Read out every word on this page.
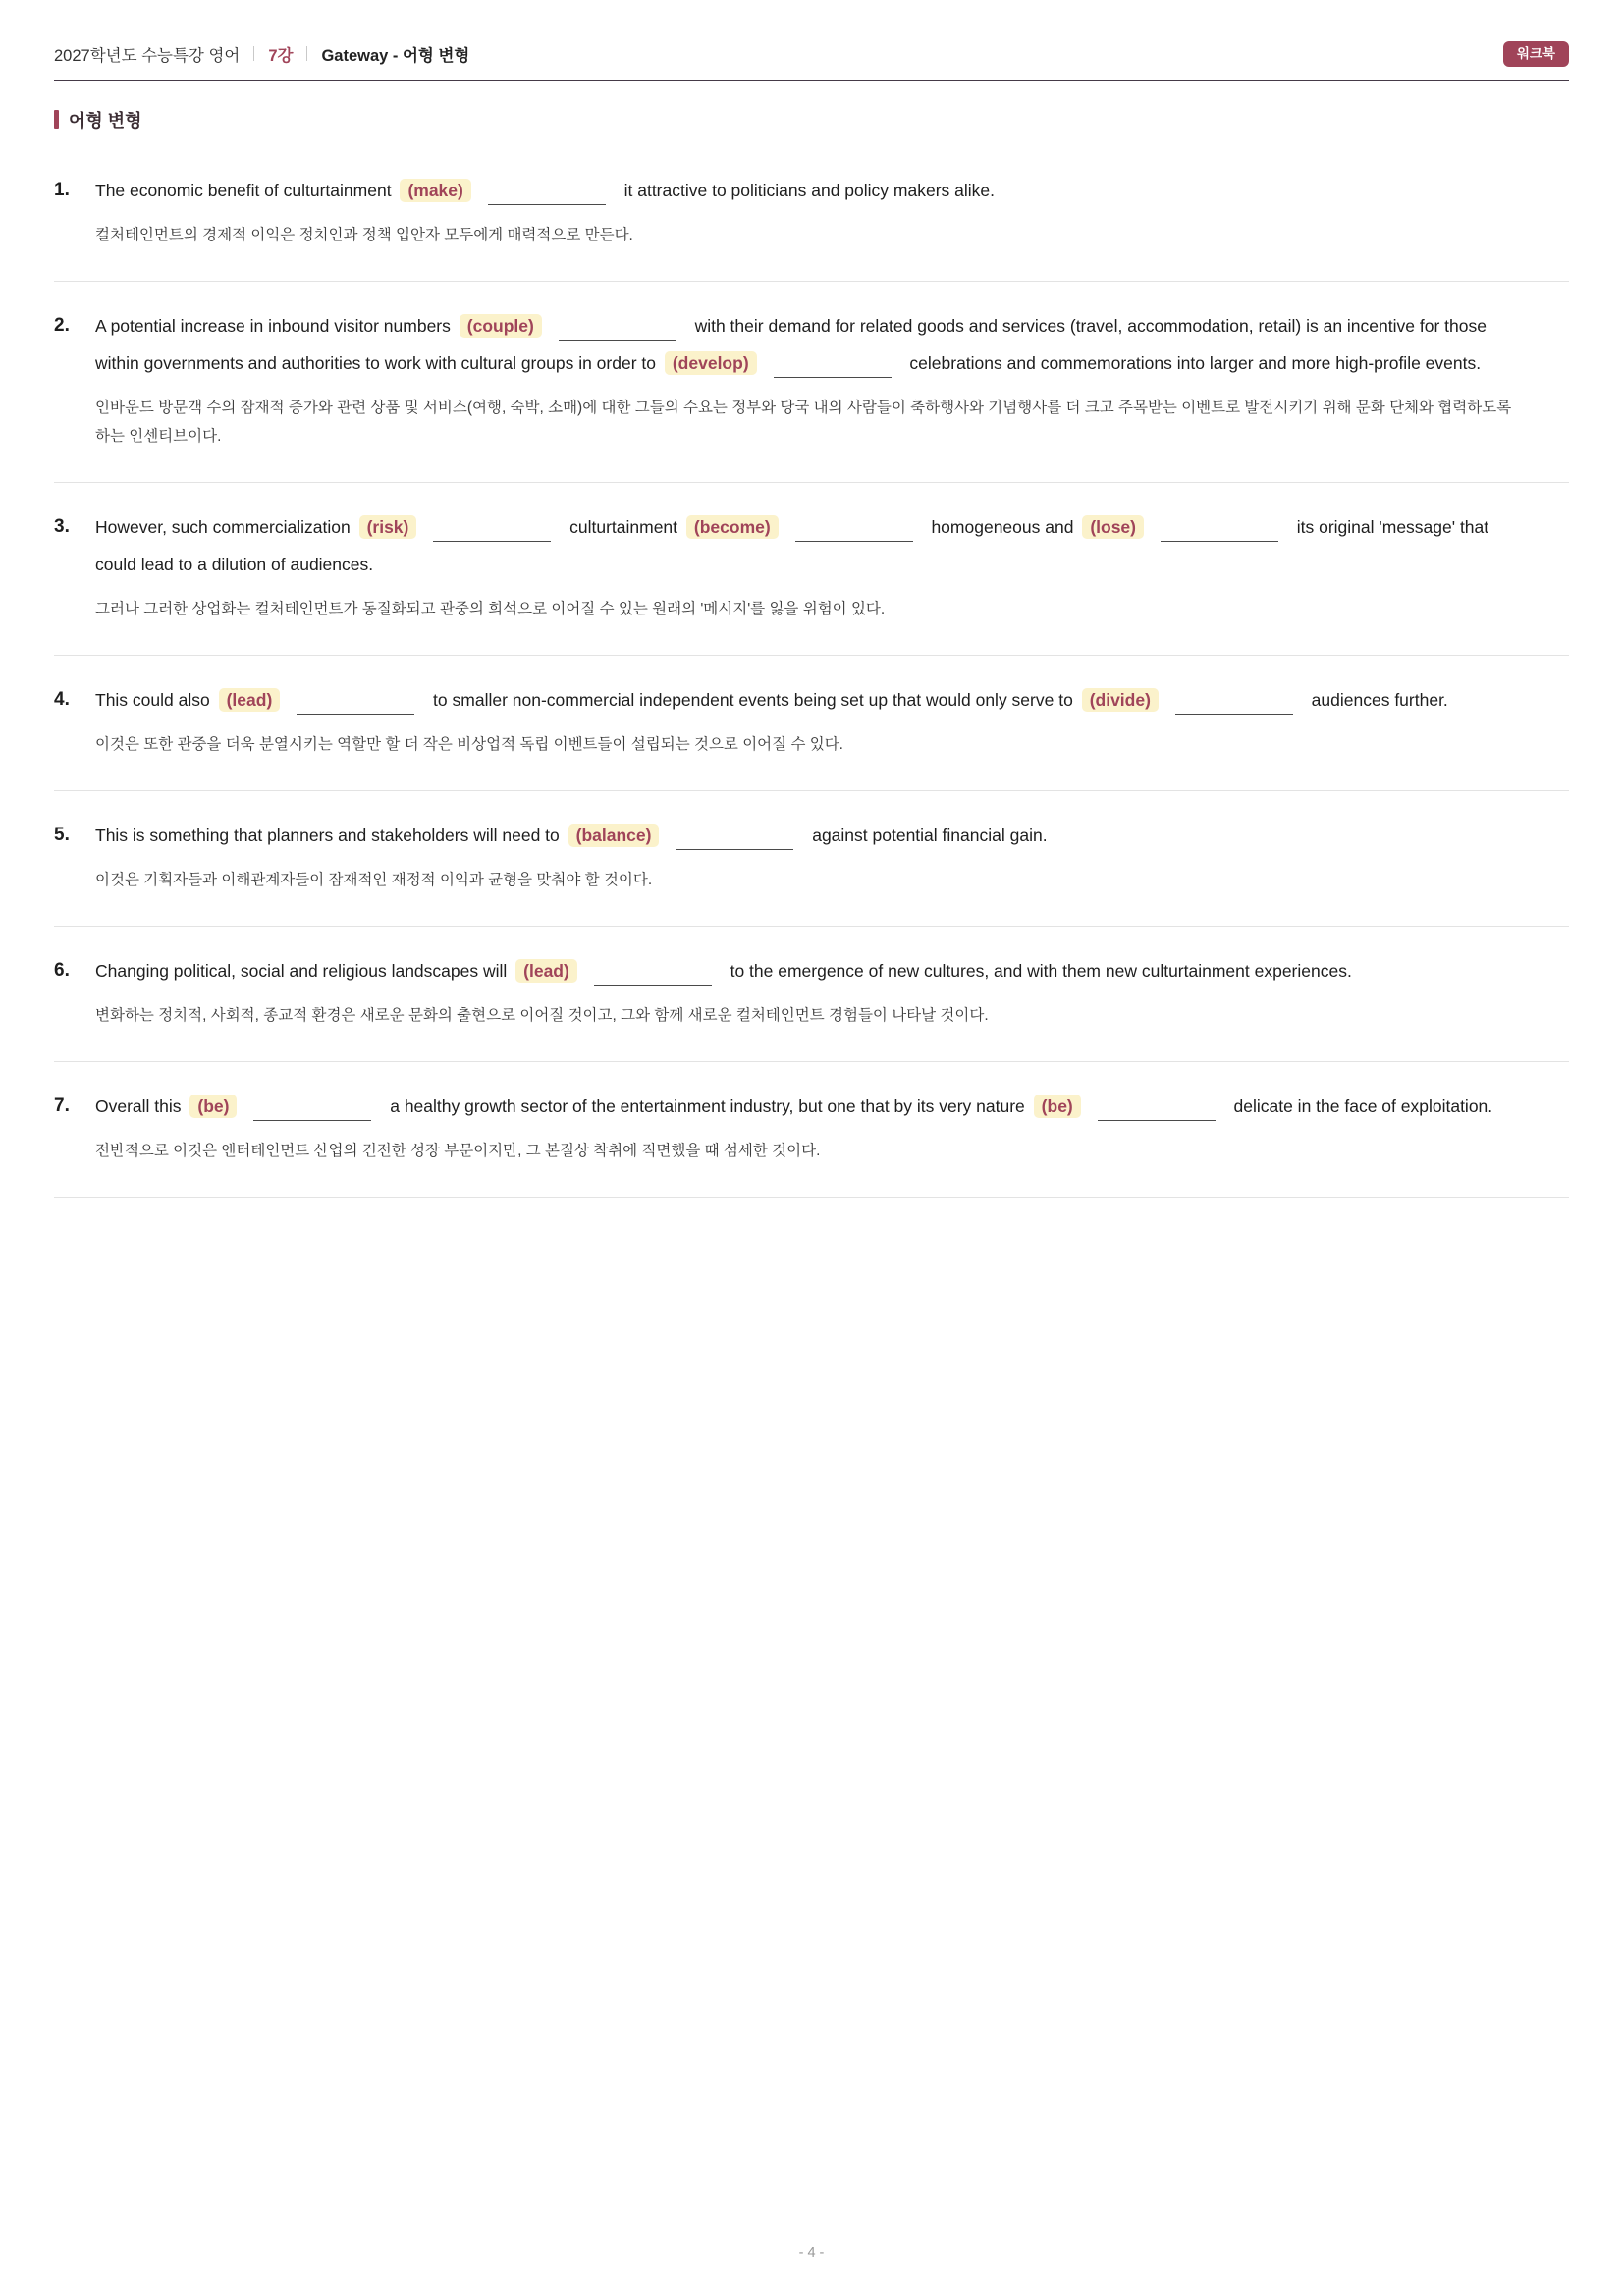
2027학년도 수능특강 영어 7강 Gateway - 어형 변형	워크북
어형 변형
1.	The economic benefit of culturtainment (make)	it attractive to politicians and policy makers alike.

컬처테인먼트의 경제적 이익은 정치인과 정책 입안자 모두에게 매력적으로 만든다.

2.	A potential increase in inbound visitor numbers (couple)	with their demand for related goods and services (travel, accommodation, retail) is an incentive for those within governments and authorities to work with cultural groups in order to (develop)	celebrations and commemorations into larger and more high-profile events.

인바운드 방문객 수의 잠재적 증가와 관련 상품 및 서비스(여행, 숙박, 소매)에 대한 그들의 수요는 정부와 당국 내의 사람들이 축하행사와 기념행사를 더 크고 주목받는 이벤트로 발전시키기 위해 문화 단체와 협력하도록 하는 인센티브이다.

3.	However, such commercialization (risk)	culturtainment (become)	homogeneous and (lose)	its original 'message' that could lead to a dilution of audiences.

그러나 그러한 상업화는 컬처테인먼트가 동질화되고 관중의 희석으로 이어질 수 있는 원래의 '메시지'를 잃을 위험이 있다.

4.	This could also (lead)	to smaller non-commercial independent events being set up that would only serve to (divide)	audiences further.

이것은 또한 관중을 더욱 분열시키는 역할만 할 더 작은 비상업적 독립 이벤트들이 설립되는 것으로 이어질 수 있다.

5.	This is something that planners and stakeholders will need to (balance)	against potential financial gain.

이것은 기획자들과 이해관계자들이 잠재적인 재정적 이익과 균형을 맞춰야 할 것이다.

6.	Changing political, social and religious landscapes will (lead)	to the emergence of new cultures, and with them new culturtainment experiences.

변화하는 정치적, 사회적, 종교적 환경은 새로운 문화의 출현으로 이어질 것이고, 그와 함께 새로운 컬처테인먼트 경험들이 나타날 것이다.

7.	Overall this (be)	a healthy growth sector of the entertainment industry, but one that by its very nature (be)	delicate in the face of exploitation.

전반적으로 이것은 엔터테인먼트 산업의 건전한 성장 부문이지만, 그 본질상 착취에 직면했을 때 섬세한 것이다.

- 4 -
